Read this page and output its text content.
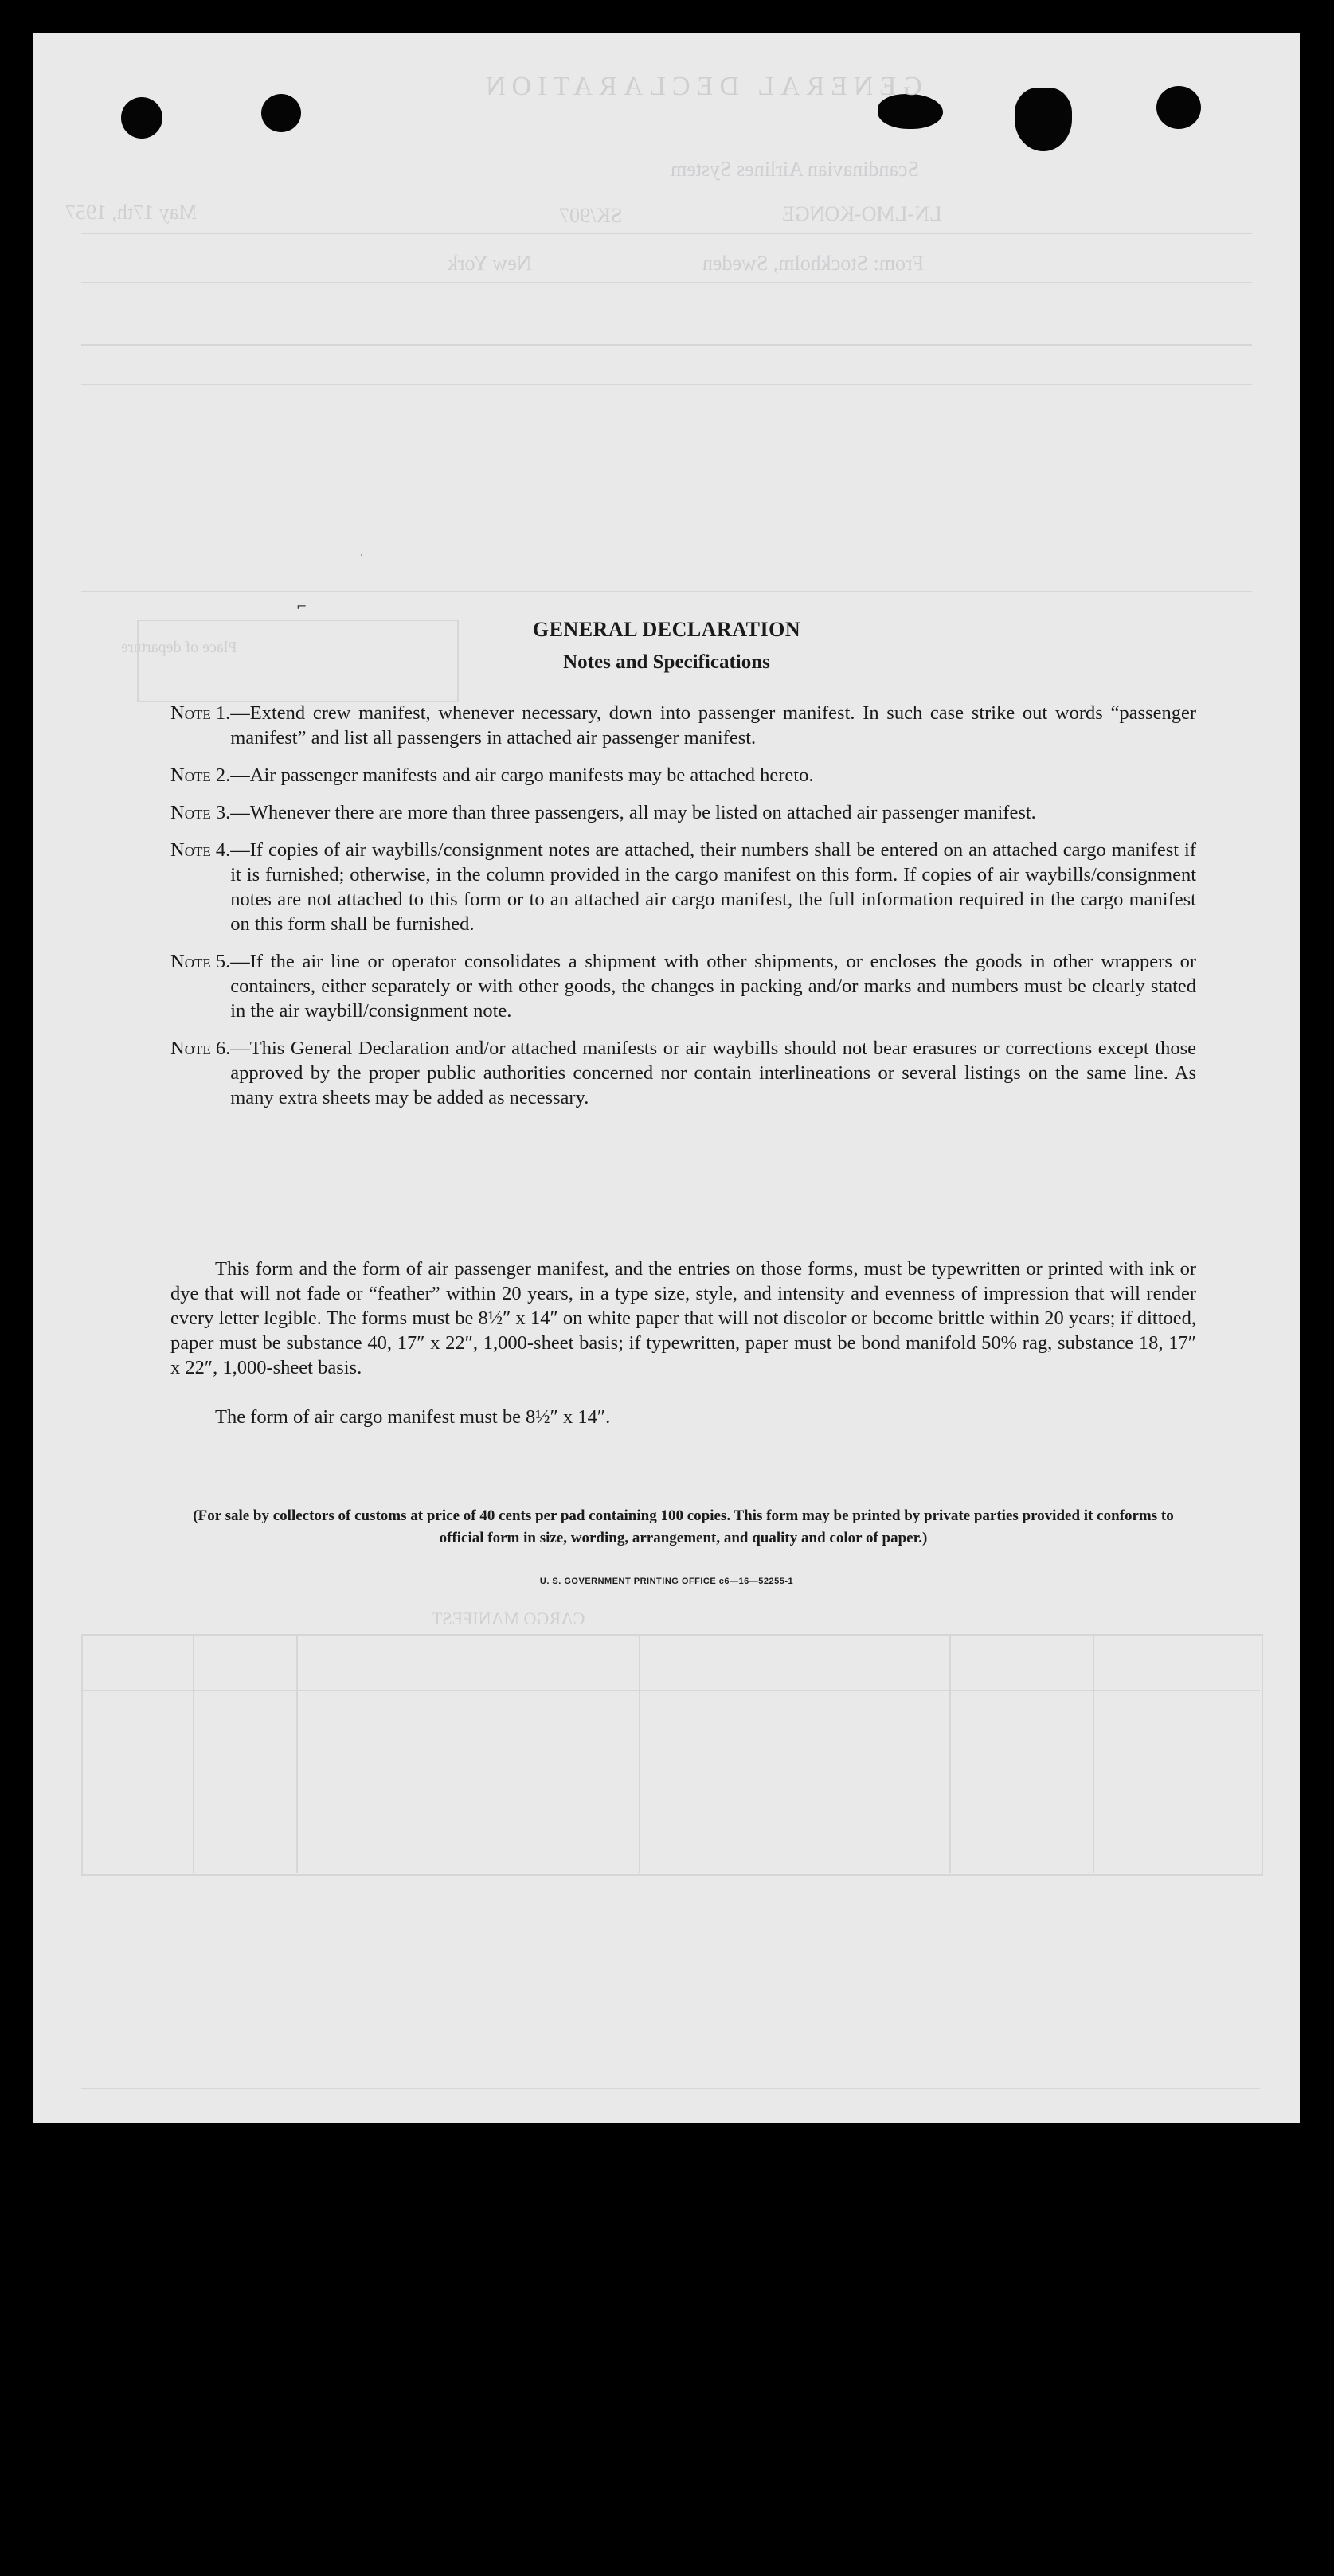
GENERAL DECLARATION
Scandinavian Airlines System
LN-LMO-KONGE
SK/907
May 17th, 1957
From: Stockholm, Sweden
New York
CARGO MANIFEST
Place of departure
GENERAL DECLARATION
Notes and Specifications
Note 1. —Extend crew manifest, whenever necessary, down into passenger manifest. In such case strike out words “passenger manifest” and list all passengers in attached air passenger manifest.
Note 2. —Air passenger manifests and air cargo manifests may be attached hereto.
Note 3. —Whenever there are more than three passengers, all may be listed on attached air passenger manifest.
Note 4. —If copies of air waybills/consignment notes are attached, their numbers shall be entered on an attached cargo manifest if it is furnished; otherwise, in the column provided in the cargo manifest on this form. If copies of air waybills/consignment notes are not attached to this form or to an attached air cargo manifest, the full information required in the cargo manifest on this form shall be furnished.
Note 5. —If the air line or operator consolidates a shipment with other shipments, or encloses the goods in other wrappers or containers, either separately or with other goods, the changes in packing and/or marks and numbers must be clearly stated in the air waybill/consignment note.
Note 6. —This General Declaration and/or attached manifests or air waybills should not bear erasures or corrections except those approved by the proper public authorities concerned nor contain interlineations or several listings on the same line. As many extra sheets may be added as necessary.
This form and the form of air passenger manifest, and the entries on those forms, must be typewritten or printed with ink or dye that will not fade or “feather” within 20 years, in a type size, style, and intensity and evenness of impression that will render every letter legible. The forms must be 8½″ x 14″ on white paper that will not discolor or become brittle within 20 years; if dittoed, paper must be substance 40, 17″ x 22″, 1,000-sheet basis; if typewritten, paper must be bond manifold 50% rag, substance 18, 17″ x 22″, 1,000-sheet basis.
The form of air cargo manifest must be 8½″ x 14″.
(For sale by collectors of customs at price of 40 cents per pad containing 100 copies. This form may be printed by private parties provided it conforms to official form in size, wording, arrangement, and quality and color of paper.)
U. S. GOVERNMENT PRINTING OFFICE c6—16—52255-1
·
⌐
